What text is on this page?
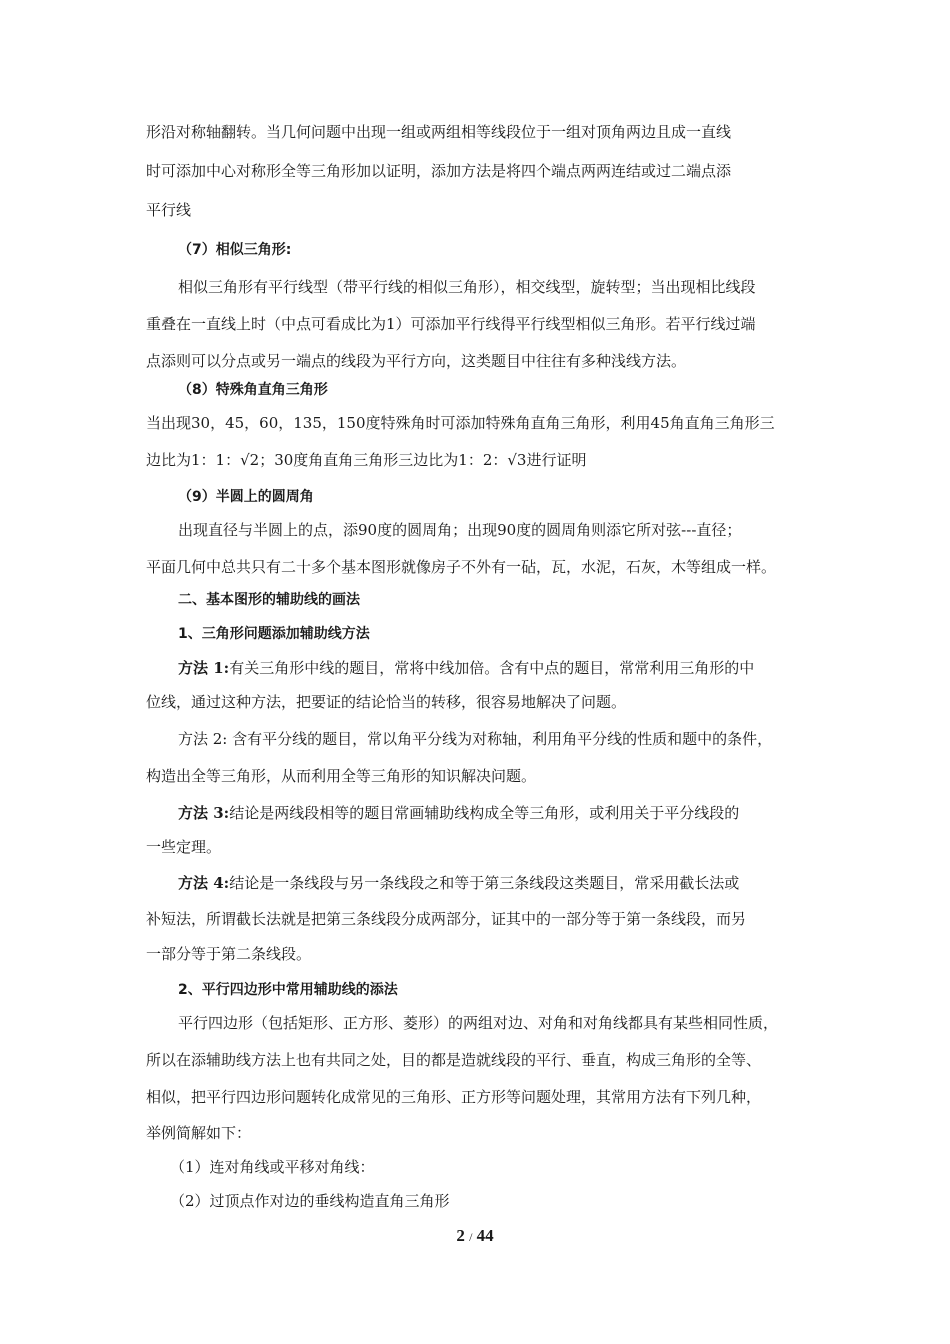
形沿对称轴翻转。当几何问题中出现一组或两组相等线段位于一组对顶角两边且成一直线
时可添加中心对称形全等三角形加以证明，添加方法是将四个端点两两连结或过二端点添
平行线
（7）相似三角形:
相似三角形有平行线型（带平行线的相似三角形），相交线型，旋转型；当出现相比线段
重叠在一直线上时（中点可看成比为1）可添加平行线得平行线型相似三角形。若平行线过端
点添则可以分点或另一端点的线段为平行方向，这类题目中往往有多种浅线方法。
（8）特殊角直角三角形
当出现30，45，60，135，150度特殊角时可添加特殊角直角三角形，利用45角直角三角形三
边比为1：1：√2；30度角直角三角形三边比为1：2：√3进行证明
（9）半圆上的圆周角
出现直径与半圆上的点，添90度的圆周角；出现90度的圆周角则添它所对弦---直径；
平面几何中总共只有二十多个基本图形就像房子不外有一砧，瓦，水泥，石灰，木等组成一样。
二、基本图形的辅助线的画法
1、三角形问题添加辅助线方法
方法 1:有关三角形中线的题目，常将中线加倍。含有中点的题目，常常利用三角形的中
位线，通过这种方法，把要证的结论恰当的转移，很容易地解决了问题。
方法 2: 含有平分线的题目，常以角平分线为对称轴，利用角平分线的性质和题中的条件，
构造出全等三角形，从而利用全等三角形的知识解决问题。
方法 3:结论是两线段相等的题目常画辅助线构成全等三角形，或利用关于平分线段的
一些定理。
方法 4:结论是一条线段与另一条线段之和等于第三条线段这类题目，常采用截长法或
补短法，所谓截长法就是把第三条线段分成两部分，证其中的一部分等于第一条线段，而另
一部分等于第二条线段。
2、平行四边形中常用辅助线的添法
平行四边形（包括矩形、正方形、菱形）的两组对边、对角和对角线都具有某些相同性质，
所以在添辅助线方法上也有共同之处，目的都是造就线段的平行、垂直，构成三角形的全等、
相似，把平行四边形问题转化成常见的三角形、正方形等问题处理，其常用方法有下列几种，
举例简解如下：
（1）连对角线或平移对角线：
（2）过顶点作对边的垂线构造直角三角形
2 / 44
